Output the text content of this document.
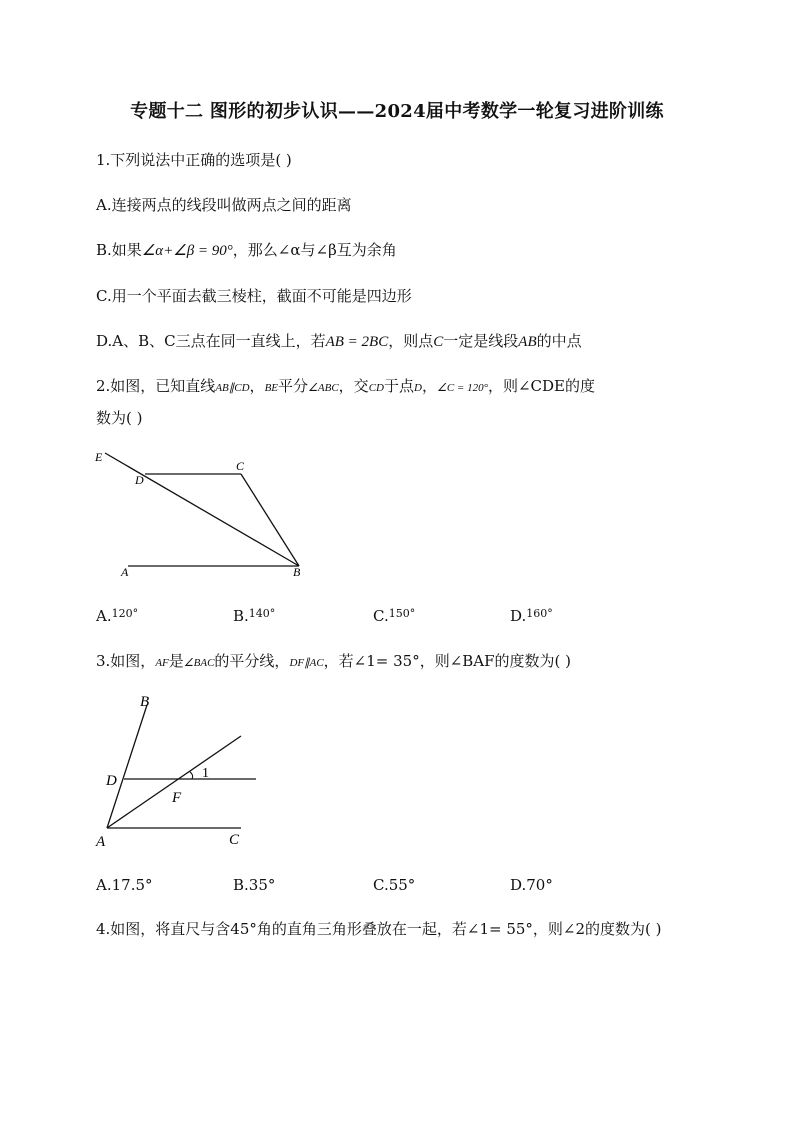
专题十二 图形的初步认识——2024届中考数学一轮复习进阶训练
1.下列说法中正确的选项是( )
A.连接两点的线段叫做两点之间的距离
B.如果∠α+∠β = 90°，那么∠α与∠β互为余角
C.用一个平面去截三棱柱，截面不可能是四边形
D.A、B、C三点在同一直线上，若AB = 2BC，则点C一定是线段AB的中点
2.如图，已知直线AB∥CD，BE平分∠ABC，交CD于点D，∠C = 120°，则∠CDE的度
数为( )
E
D
C
A	B
A.$^{120^\circ}$	B.$^{140^\circ}$	C.$^{150^\circ}$	D.$^{160^\circ}$
3.如图，AF是∠BAC的平分线，DF∥AC，若∠1= 35°，则∠BAF的度数为( )
B
D
F
A	C
1
A.17.5°	B.35°	C.55°	D.70°
4.如图，将直尺与含45°角的直角三角形叠放在一起，若∠1= 55°，则∠2的度数为( )
